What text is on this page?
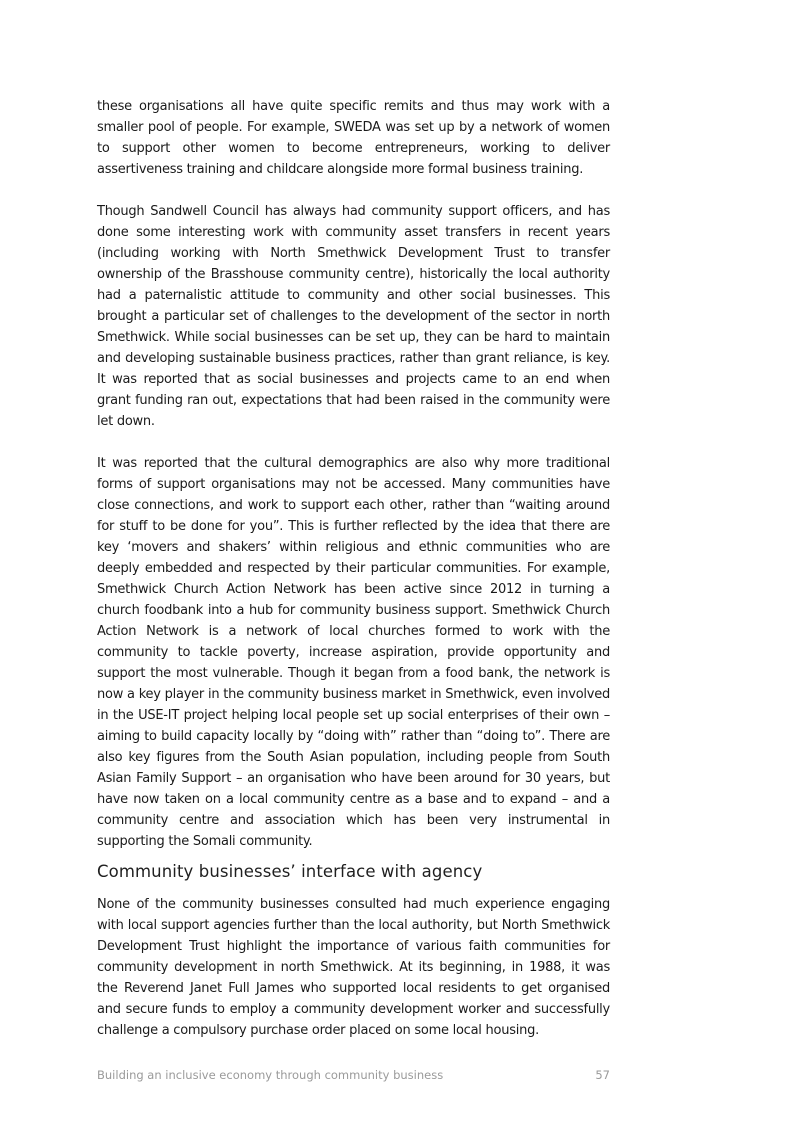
these organisations all have quite specific remits and thus may work with a smaller pool of people. For example, SWEDA was set up by a network of women to support other women to become entrepreneurs, working to deliver assertiveness training and childcare alongside more formal business training.

Though Sandwell Council has always had community support officers, and has done some interesting work with community asset transfers in recent years (including working with North Smethwick Development Trust to transfer ownership of the Brasshouse community centre), historically the local authority had a paternalistic attitude to community and other social businesses. This brought a particular set of challenges to the development of the sector in north Smethwick. While social businesses can be set up, they can be hard to maintain and developing sustainable business practices, rather than grant reliance, is key. It was reported that as social businesses and projects came to an end when grant funding ran out, expectations that had been raised in the community were let down.

It was reported that the cultural demographics are also why more traditional forms of support organisations may not be accessed. Many communities have close connections, and work to support each other, rather than “waiting around for stuff to be done for you”. This is further reflected by the idea that there are key ‘movers and shakers’ within religious and ethnic communities who are deeply embedded and respected by their particular communities. For example, Smethwick Church Action Network has been active since 2012 in turning a church foodbank into a hub for community business support. Smethwick Church Action Network is a network of local churches formed to work with the community to tackle poverty, increase aspiration, provide opportunity and support the most vulnerable. Though it began from a food bank, the network is now a key player in the community business market in Smethwick, even involved in the USE-IT project helping local people set up social enterprises of their own – aiming to build capacity locally by “doing with” rather than “doing to”. There are also key figures from the South Asian population, including people from South Asian Family Support – an organisation who have been around for 30 years, but have now taken on a local community centre as a base and to expand – and a community centre and association which has been very instrumental in supporting the Somali community.

Community businesses’ interface with agency

None of the community businesses consulted had much experience engaging with local support agencies further than the local authority, but North Smethwick Development Trust highlight the importance of various faith communities for community development in north Smethwick. At its beginning, in 1988, it was the Reverend Janet Full James who supported local residents to get organised and secure funds to employ a community development worker and successfully challenge a compulsory purchase order placed on some local housing.

Building an inclusive economy through community business	57
